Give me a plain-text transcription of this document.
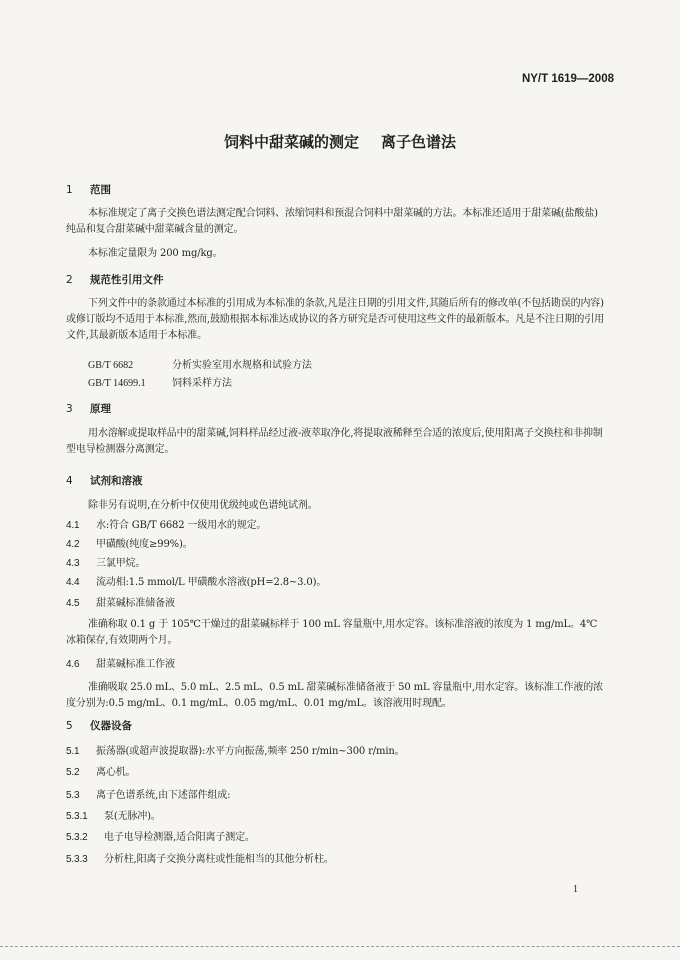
NY/T 1619—2008
饲料中甜菜碱的测定 离子色谱法
1 范围
本标准规定了离子交换色谱法测定配合饲料、浓缩饲料和预混合饲料中甜菜碱的方法。本标准还适用于甜菜碱(盐酸盐)纯品和复合甜菜碱中甜菜碱含量的测定。
本标准定量限为 200 mg/kg。
2 规范性引用文件
下列文件中的条款通过本标准的引用成为本标准的条款,凡是注日期的引用文件,其随后所有的修改单(不包括勘误的内容)或修订版均不适用于本标准,然而,鼓励根据本标准达成协议的各方研究是否可使用这些文件的最新版本。凡是不注日期的引用文件,其最新版本适用于本标准。
GB/T 6682	分析实验室用水规格和试验方法
GB/T 14699.1	饲料采样方法
3 原理
用水溶解或提取样品中的甜菜碱,饲料样品经过液-液萃取净化,将提取液稀释至合适的浓度后,使用阳离子交换柱和非抑制型电导检测器分离测定。
4 试剂和溶液
除非另有说明,在分析中仅使用优级纯或色谱纯试剂。
4.1 水:符合 GB/T 6682 一级用水的规定。
4.2 甲磺酸(纯度≥99%)。
4.3 三氯甲烷。
4.4 流动相:1.5 mmol/L 甲磺酸水溶液(pH=2.8~3.0)。
4.5 甜菜碱标准储备液
准确称取 0.1 g 于 105℃干燥过的甜菜碱标样于 100 mL 容量瓶中,用水定容。该标准溶液的浓度为 1 mg/mL。4℃冰箱保存,有效期两个月。
4.6 甜菜碱标准工作液
准确吸取 25.0 mL、5.0 mL、2.5 mL、0.5 mL 甜菜碱标准储备液于 50 mL 容量瓶中,用水定容。该标准工作液的浓度分别为:0.5 mg/mL、0.1 mg/mL、0.05 mg/mL、0.01 mg/mL。该溶液用时现配。
5 仪器设备
5.1 振荡器(或超声波提取器):水平方向振荡,频率 250 r/min~300 r/min。
5.2 离心机。
5.3 离子色谱系统,由下述部件组成:
5.3.1 泵(无脉冲)。
5.3.2 电子电导检测器,适合阳离子测定。
5.3.3 分析柱,阳离子交换分离柱或性能相当的其他分析柱。
1
